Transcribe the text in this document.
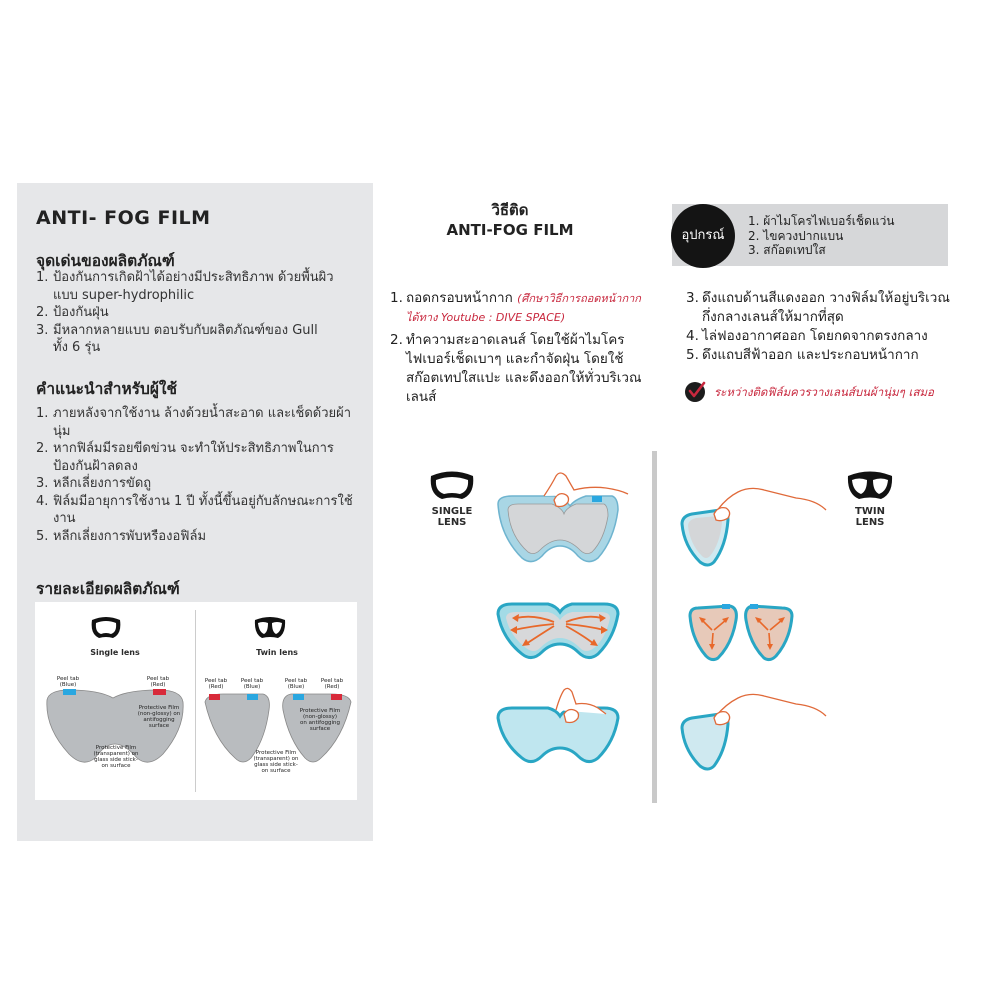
ANTI- FOG FILM
จุดเด่นของผลิตภัณฑ์
1. ป้องกันการเกิดฝ้าได้อย่างมีประสิทธิภาพ ด้วยพื้นผิวแบบ super-hydrophilic
2. ป้องกันฝุ่น
3. มีหลากหลายแบบ ตอบรับกับผลิตภัณฑ์ของ Gull ทั้ง 6 รุ่น
คำแนะนำสำหรับผู้ใช้
1. ภายหลังจากใช้งาน ล้างด้วยน้ำสะอาด และเช็ดด้วยผ้านุ่ม
2. หากฟิล์มมีรอยขีดข่วน จะทำให้ประสิทธิภาพในการป้องกันฝ้าลดลง
3. หลีกเลี่ยงการขัดถู
4. ฟิล์มมีอายุการใช้งาน 1 ปี ทั้งนี้ขึ้นอยู่กับลักษณะการใช้งาน
5. หลีกเลี่ยงการพับหรืองอฟิล์ม
รายละเอียดผลิตภัณฑ์
Single lens
Peel tab (Blue)
Peel tab (Red)
Protective Film (non-glossy) on antifogging surface
Protective Film (transparent) on glass side stick-on surface
Twin lens
Peel tab (Red)
Peel tab (Blue)
Peel tab (Blue)
Peel tab (Red)
Protective Film (non-glossy) on antifogging surface
Protective Film (transparent) on glass side stick-on surface
วิธีติด
ANTI-FOG FILM	อุปกรณ์
1. ผ้าไมโครไฟเบอร์เช็ดแว่น
2. ไขควงปากแบน
3. สก๊อตเทปใส
1. ถอดกรอบหน้ากาก (ศึกษาวิธีการถอดหน้ากากได้ทาง Youtube : DIVE SPACE)
2. ทำความสะอาดเลนส์ โดยใช้ผ้าไมโครไฟเบอร์เช็ดเบาๆ และกำจัดฝุ่น โดยใช้สก๊อตเทปใสแปะ และดึงออกให้ทั่วบริเวณเลนส์
3. ดึงแถบด้านสีแดงออก วางฟิล์มให้อยู่บริเวณกึ่งกลางเลนส์ให้มากที่สุด
4. ไล่ฟองอากาศออก โดยกดจากตรงกลาง
5. ดึงแถบสีฟ้าออก และประกอบหน้ากาก
ระหว่างติดฟิล์มควรวางเลนส์บนผ้านุ่มๆ เสมอ
SINGLE
LENS
TWIN
LENS
